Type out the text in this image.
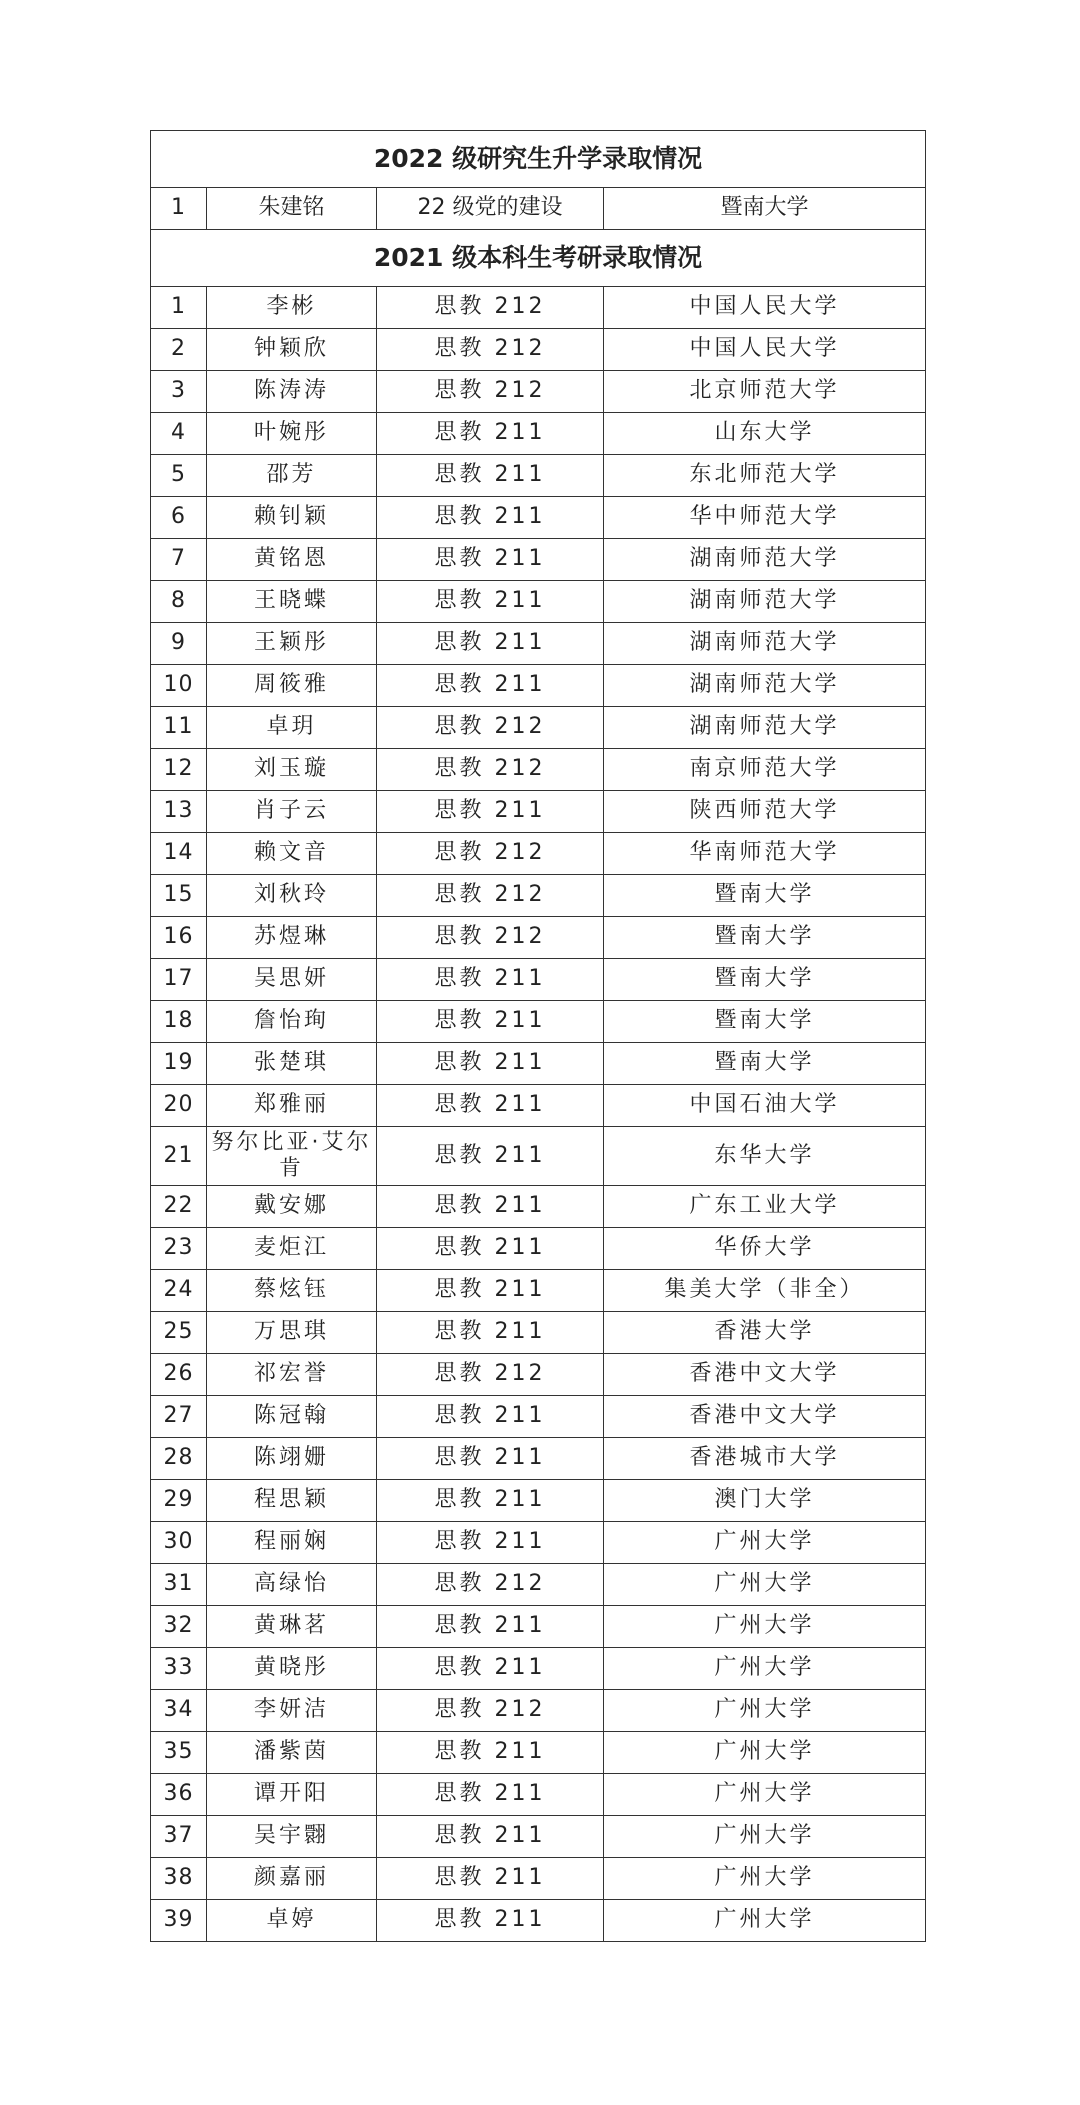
2022 级研究生升学录取情况			
1	朱建铭	22 级党的建设	暨南大学
2021 级本科生考研录取情况			
1	李彬	思教 212	中国人民大学
2	钟颖欣	思教 212	中国人民大学
3	陈涛涛	思教 212	北京师范大学
4	叶婉彤	思教 211	山东大学
5	邵芳	思教 211	东北师范大学
6	赖钊颖	思教 211	华中师范大学
7	黄铭恩	思教 211	湖南师范大学
8	王晓蝶	思教 211	湖南师范大学
9	王颖彤	思教 211	湖南师范大学
10	周筱雅	思教 211	湖南师范大学
11	卓玥	思教 212	湖南师范大学
12	刘玉璇	思教 212	南京师范大学
13	肖子云	思教 211	陕西师范大学
14	赖文音	思教 212	华南师范大学
15	刘秋玲	思教 212	暨南大学
16	苏煜琳	思教 212	暨南大学
17	吴思妍	思教 211	暨南大学
18	詹怡珣	思教 211	暨南大学
19	张楚琪	思教 211	暨南大学
20	郑雅丽	思教 211	中国石油大学
21	努尔比亚·艾尔肯	思教 211	东华大学
22	戴安娜	思教 211	广东工业大学
23	麦炬江	思教 211	华侨大学
24	蔡炫钰	思教 211	集美大学（非全）
25	万思琪	思教 211	香港大学
26	祁宏誉	思教 212	香港中文大学
27	陈冠翰	思教 211	香港中文大学
28	陈翊姗	思教 211	香港城市大学
29	程思颖	思教 211	澳门大学
30	程丽娴	思教 211	广州大学
31	高绿怡	思教 212	广州大学
32	黄琳茗	思教 211	广州大学
33	黄晓彤	思教 211	广州大学
34	李妍洁	思教 212	广州大学
35	潘紫茵	思教 211	广州大学
36	谭开阳	思教 211	广州大学
37	吴宇翾	思教 211	广州大学
38	颜嘉丽	思教 211	广州大学
39	卓婷	思教 211	广州大学
